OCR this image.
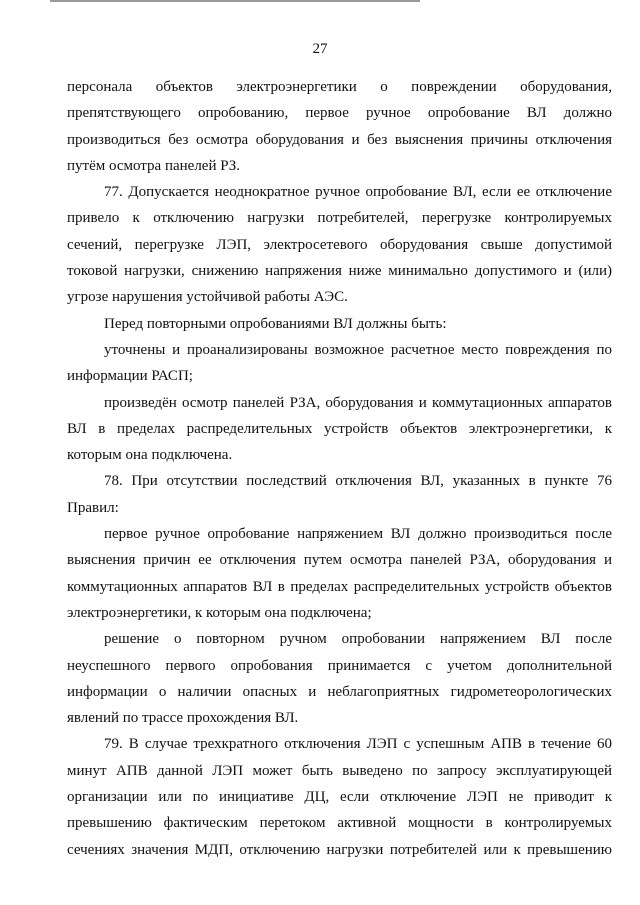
27
персонала объектов электроэнергетики о повреждении оборудования,
препятствующего опробованию, первое ручное опробование ВЛ должно
производиться без осмотра оборудования и без выяснения причины отключения
путём осмотра панелей РЗ.
77. Допускается неоднократное ручное опробование ВЛ, если ее отключение
привело к отключению нагрузки потребителей, перегрузке контролируемых
сечений, перегрузке ЛЭП, электросетевого оборудования свыше допустимой
токовой нагрузки, снижению напряжения ниже минимально допустимого и (или)
угрозе нарушения устойчивой работы АЭС.
Перед повторными опробованиями ВЛ должны быть:
уточнены и проанализированы возможное расчетное место повреждения по
информации РАСП;
произведён осмотр панелей РЗА, оборудования и коммутационных аппаратов
ВЛ в пределах распределительных устройств объектов электроэнергетики, к
которым она подключена.
78. При отсутствии последствий отключения ВЛ, указанных в пункте 76
Правил:
первое ручное опробование напряжением ВЛ должно производиться после
выяснения причин ее отключения путем осмотра панелей РЗА, оборудования и
коммутационных аппаратов ВЛ в пределах распределительных устройств объектов
электроэнергетики, к которым она подключена;
решение о повторном ручном опробовании напряжением ВЛ после
неуспешного первого опробования принимается с учетом дополнительной
информации о наличии опасных и неблагоприятных гидрометеорологических
явлений по трассе прохождения ВЛ.
79. В случае трехкратного отключения ЛЭП с успешным АПВ в течение 60
минут АПВ данной ЛЭП может быть выведено по запросу эксплуатирующей
организации или по инициативе ДЦ, если отключение ЛЭП не приводит к
превышению фактическим перетоком активной мощности в контролируемых
сечениях значения МДП, отключению нагрузки потребителей или к превышению
